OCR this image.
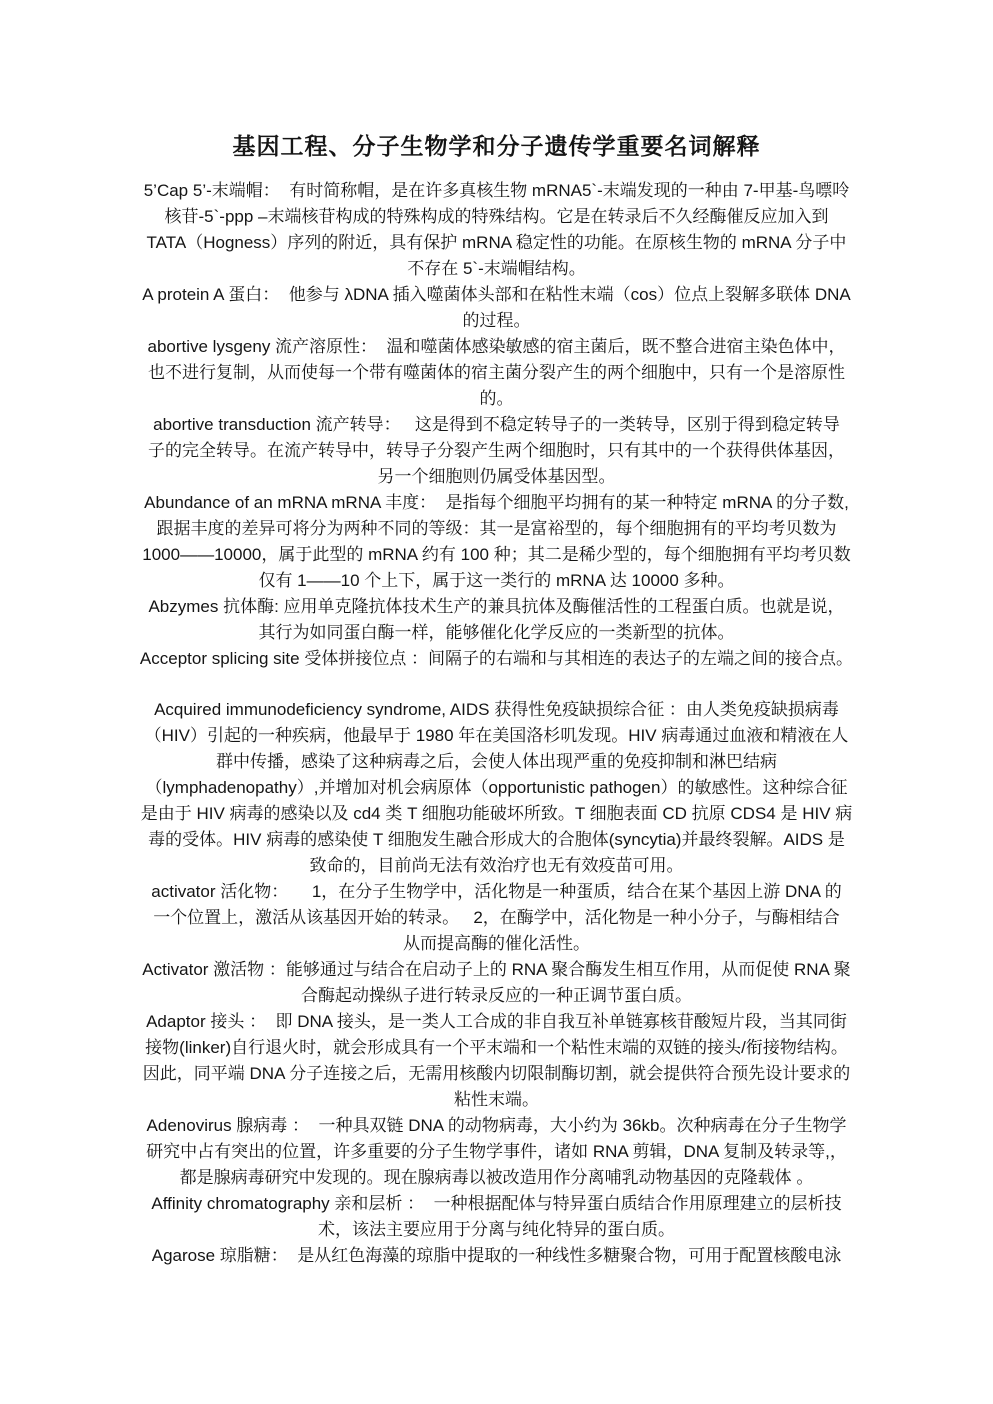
基因工程、分子生物学和分子遗传学重要名词解释
5’Cap 5’-末端帽：  有时简称帽，是在许多真核生物 mRNA5`-末端发现的一种由 7-甲基-鸟嘌呤
核苷-5`-ppp –末端核苷构成的特殊构成的特殊结构。它是在转录后不久经酶催反应加入到
TATA（Hogness）序列的附近，具有保护 mRNA 稳定性的功能。在原核生物的 mRNA 分子中
不存在 5`-末端帽结构。
A protein A 蛋白：  他参与 λDNA 插入噬菌体头部和在粘性末端（cos）位点上裂解多联体 DNA
的过程。
abortive lysgeny 流产溶原性：  温和噬菌体感染敏感的宿主菌后，既不整合进宿主染色体中，
也不进行复制，从而使每一个带有噬菌体的宿主菌分裂产生的两个细胞中，只有一个是溶原性
的。
abortive transduction 流产转导：   这是得到不稳定转导子的一类转导，区别于得到稳定转导
子的完全转导。在流产转导中，转导子分裂产生两个细胞时，只有其中的一个获得供体基因，
另一个细胞则仍属受体基因型。
Abundance of an mRNA mRNA 丰度：  是指每个细胞平均拥有的某一种特定 mRNA 的分子数,
跟据丰度的差异可将分为两种不同的等级：其一是富裕型的，每个细胞拥有的平均考贝数为
1000——10000，属于此型的 mRNA 约有 100 种；其二是稀少型的，每个细胞拥有平均考贝数
仅有 1——10 个上下，属于这一类行的 mRNA 达 10000 多种。
Abzymes 抗体酶: 应用单克隆抗体技术生产的兼具抗体及酶催活性的工程蛋白质。也就是说，
其行为如同蛋白酶一样，能够催化化学反应的一类新型的抗体。
Acceptor splicing site 受体拼接位点 ：间隔子的右端和与其相连的表达子的左端之间的接合点。
Acquired immunodeficiency syndrome, AIDS 获得性免疫缺损综合征 ：由人类免疫缺损病毒
（HIV）引起的一种疾病，他最早于 1980 年在美国洛杉叽发现。HIV 病毒通过血液和精液在人
群中传播，感染了这种病毒之后，会使人体出现严重的免疫抑制和淋巴结病
（lymphadenopathy）,并增加对机会病原体（opportunistic pathogen）的敏感性。这种综合征
是由于 HIV 病毒的感染以及 cd4 类 T 细胞功能破坏所致。T 细胞表面 CD 抗原 CDS4 是 HIV 病
毒的受体。HIV 病毒的感染使 T 细胞发生融合形成大的合胞体(syncytia)并最终裂解。AIDS 是
致命的，目前尚无法有效治疗也无有效疫苗可用。
activator 活化物：     1，在分子生物学中，活化物是一种蛋质，结合在某个基因上游 DNA 的
一个位置上，激活从该基因开始的转录。   2，在酶学中，活化物是一种小分子，与酶相结合
从而提高酶的催化活性。
Activator 激活物 ：能够通过与结合在启动子上的 RNA 聚合酶发生相互作用，从而促使 RNA 聚
合酶起动操纵子进行转录反应的一种正调节蛋白质。
Adaptor 接头 ：  即 DNA 接头，是一类人工合成的非自我互补单链寡核苷酸短片段，当其同街
接物(linker)自行退火时，就会形成具有一个平末端和一个粘性末端的双链的接头/衔接物结构。
因此，同平端 DNA 分子连接之后，无需用核酸内切限制酶切割，就会提供符合预先设计要求的
粘性末端。
Adenovirus 腺病毒 ：  一种具双链 DNA 的动物病毒，大小约为 36kb。次种病毒在分子生物学
研究中占有突出的位置，许多重要的分子生物学事件，诸如 RNA 剪辑，DNA 复制及转录等,，
都是腺病毒研究中发现的。现在腺病毒以被改造用作分离哺乳动物基因的克隆载体 。
Affinity chromatography 亲和层析 ：  一种根据配体与特异蛋白质结合作用原理建立的层析技
术，该法主要应用于分离与纯化特异的蛋白质。
Agarose 琼脂糖：  是从红色海藻的琼脂中提取的一种线性多糖聚合物，可用于配置核酸电泳
